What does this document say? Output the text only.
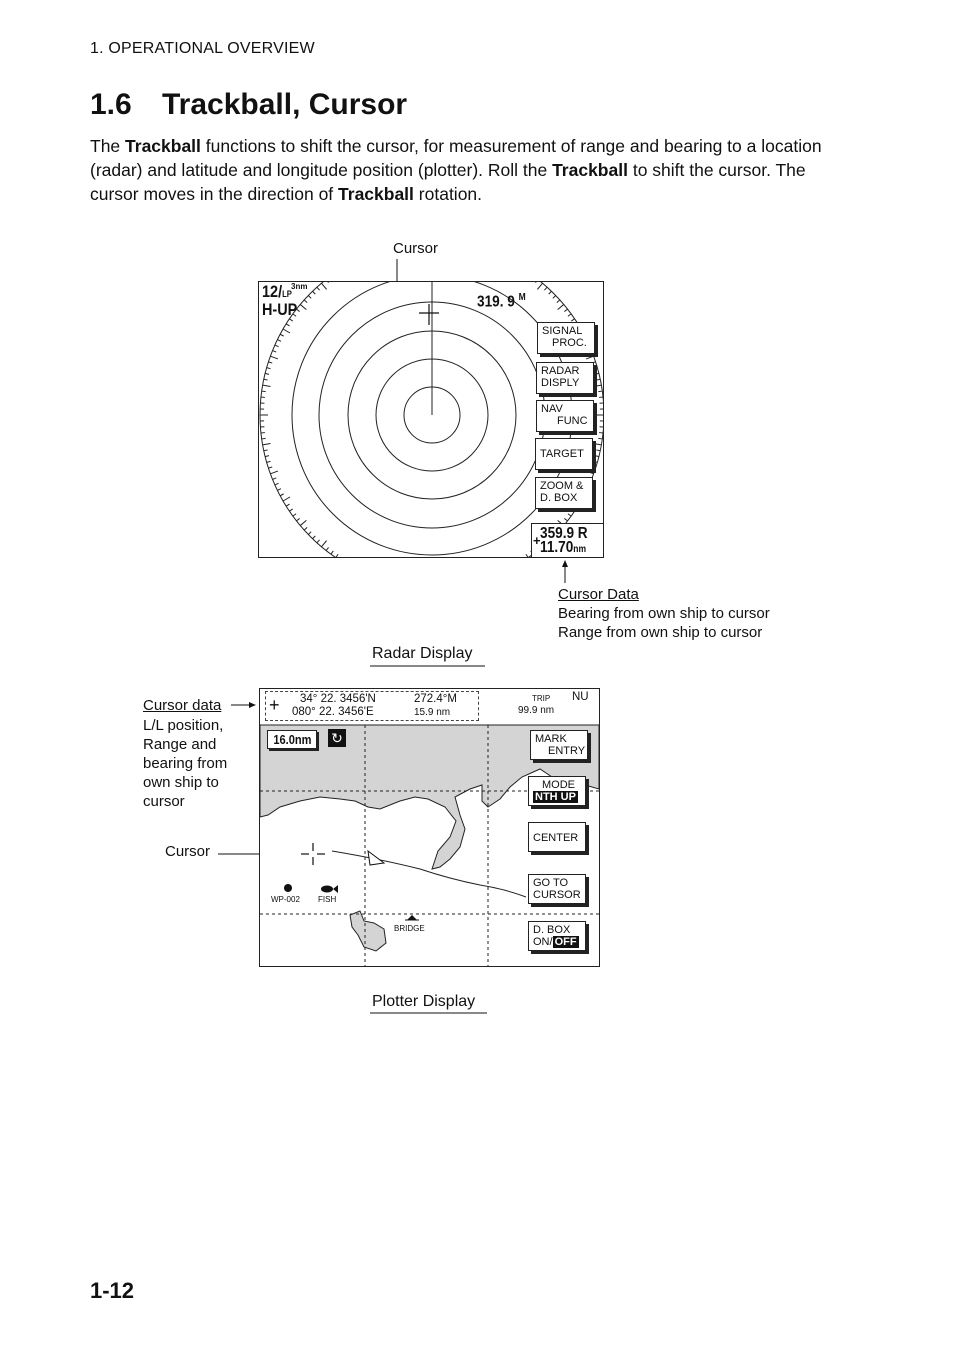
1. OPERATIONAL OVERVIEW
1.6 Trackball, Cursor
The Trackball functions to shift the cursor, for measurement of range and bearing to a location (radar) and latitude and longitude position (plotter). Roll the Trackball to shift the cursor. The cursor moves in the direction of Trackball rotation.
Cursor
12/LP
3nm
H-UP	319. 9 $^M$
SIGNAL
PROC.
RADAR
DISPLY
NAV
FUNC
TARGET
ZOOM &
D. BOX
+ 359.9 R
11.70nm
Cursor Data
Bearing from own ship to cursor
Range from own ship to cursor
Radar Display
Cursor data
L/L position,
Range and
bearing from
own ship to
cursor
Cursor
+ 34° 22. 3456'N
080° 22. 3456'E
272.4°M
15.9 nm
TRIP NU
99.9 nm
16.0nm	↻	MARK
ENTRY
MODE
NTH UP
CENTER
GO TO
CURSOR
D. BOX
ON/ OFF
WP-002 FISH
BRIDGE
Plotter Display
1-12
